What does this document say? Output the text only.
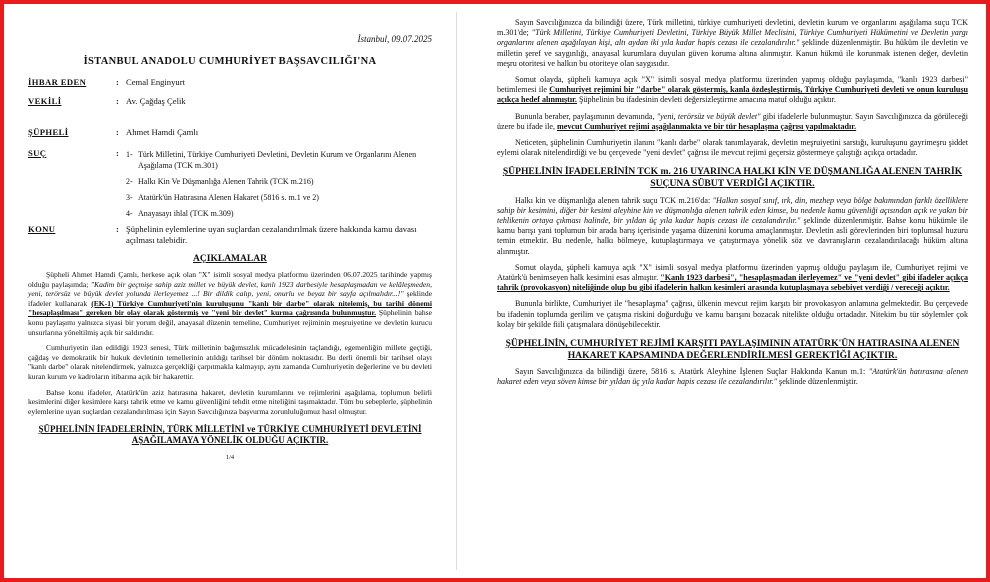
İstanbul, 09.07.2025
İSTANBUL ANADOLU CUMHURİYET BAŞSAVCILIĞI'NA
İHBAR EDEN	: Cemal Enginyurt
VEKİLİ	: Av. Çağdaş Çelik
ŞÜPHELİ	: Ahmet Hamdi Çamlı
SUÇ	: 1- Türk Milletini, Türkiye Cumhuriyeti Devletini, Devletin Kurum ve Organlarını Alenen Aşağılama (TCK m.301)
2- Halkı Kin Ve Düşmanlığa Alenen Tahrik (TCK m.216)
3- Atatürk'ün Hatırasına Alenen Hakaret (5816 s. m.1 ve 2)
4- Anayasayı ihlal (TCK m.309)
KONU	: Şüphelinin eylemlerine uyan suçlardan cezalandırılmak üzere hakkında kamu davası açılması talebidir.
AÇIKLAMALAR

Şüpheli Ahmet Hamdi Çamlı, herkese açık olan "X" isimli sosyal medya platformu üzerinden 06.07.2025 tarihinde yapmış olduğu paylaşımda; "Kadim bir geçmişe sahip aziz millet ve büyük devlet, kanlı 1923 darbesiyle hesaplaşmadan ve kelâleşmeden, yeni, terörsüz ve büyük devlet yolunda ilerleyemez ...! Bir dildik calıp, yeni, onurlu ve beyaz bir sayfa açılmalıdır...!" şeklinde ifadeler kullanarak (EK-1) Türkiye Cumhuriyeti'nin kuruluşunu "kanlı bir darbe" olarak nitelemiş, bu tarihi dönemi "hesaplaşılması" gereken bir olay olarak göstermiş ve "yeni bir devlet" kurma çağrısında bulunmuştur. Şüphelinin bahse konu paylaşımı yalnızca siyasi bir yorum değil, anayasal düzenin temeline, Cumhuriyet rejiminin meşruiyetine ve devletin kurucu unsurlarına yöneltilmiş açık bir saldırıdır.

Cumhuriyetin ilan edildiği 1923 senesi, Türk milletinin bağımsızlık mücadelesinin taçlandığı, egemenliğin millete geçtiği, çağdaş ve demokratik bir hukuk devletinin temellerinin atıldığı tarihsel bir dönüm noktasıdır. Bu derli önemli bir tarihsel olayı "kanlı darbe" olarak nitelendirmek, yalnızca gerçekliği çarpıtmakla kalmayıp, aynı zamanda Cumhuriyetin değerlerine ve bu devleti kuran kurum ve kadroların itibarına açık bir hakarettir.

Bahse konu ifadeler, Atatürk'ün aziz hatırasına hakaret, devletin kurumlarını ve rejimlerini aşağılama, toplumun belirli kesimlerini diğer kesimlere karşı tahrik etme ve kamu güvenliğini tehdit etme niteliğini taşımaktadır. Tüm bu sebeplerle, şüphelinin eylemlerine uyan suçlardan cezalandırılması için Sayın Savcılığınıza başvurma zorunluluğumuz hasıl olmuştur.

ŞÜPHELİNİN İFADELERİNİN, TÜRK MİLLETİNİ ve TÜRKİYE CUMHURİYETİ DEVLETİNİ AŞAĞILAMAYA YÖNELİK OLDUĞU AÇIKTIR.
1/4

Sayın Savcılığınızca da bilindiği üzere, Türk milletini, türkiye cumhuriyeti devletini, devletin kurum ve organlarını aşağılama suçu TCK m.301'de; "Türk Milletini, Türkiye Cumhuriyeti Devletini, Türkiye Büyük Millet Meclisini, Türkiye Cumhuriyeti Hükümetini ve Devletin yargı organlarını alenen aşağılayan kişi, altı aydan iki yıla kadar hapis cezası ile cezalandırılır." şeklinde düzenlenmiştir. Bu hüküm ile devletin ve milletin şeref ve saygınlığı, anayasal kurumlara duyulan güven koruma altına alınmıştır. Kanun hükmü ile korunmak istenen değer, devletin meşru otoritesi ve halkın bu otoriteye olan saygısıdır.

Somut olayda, şüpheli kamuya açık "X" isimli sosyal medya platformu üzerinden yapmış olduğu paylaşımda, "kanlı 1923 darbesi" betimlemesi ile Cumhuriyet rejimini bir "darbe" olarak göstermiş, kanla özdeşleştirmiş, Türkiye Cumhuriyeti devleti ve onun kuruluşu açıkça hedef alınmıştır. Şüphelinin bu ifadesinin devleti değersizleştirme amacına matuf olduğu açıktır.

Bununla beraber, paylaşımının devamında, "yeni, terörsüz ve büyük devlet" gibi ifadelerle bulunmuştur. Sayın Savcılığınızca da görüleceği üzere bu ifade ile, mevcut Cumhuriyet rejimi aşağılanmakta ve bir tür hesaplaşma çağrısı yapılmaktadır.

Neticeten, şüphelinin Cumhuriyetin ilanını "kanlı darbe" olarak tanımlayarak, devletin meşruiyetini sarstığı, kuruluşunu gayrimeşru şiddet eylemi olarak nitelendirdiği ve bu çerçevede "yeni devlet" çağrısı ile mevcut rejimi geçersiz göstermeye çalıştığı açıkça ortadadır.

ŞÜPHELİNİN İFADELERİNİN TCK m. 216 UYARINCA HALKI KİN VE DÜŞMANLIĞA ALENEN TAHRİK SUÇUNA SÜBUT VERDİĞİ AÇIKTIR.

Halkı kin ve düşmanlığa alenen tahrik suçu TCK m.216'da: "Halkın sosyal sınıf, ırk, din, mezhep veya bölge bakımından farklı özelliklere sahip bir kesimini, diğer bir kesimi aleyhine kin ve düşmanlığa alenen tahrik eden kimse, bu nedenle kamu güvenliği açısından açık ve yakın bir tehlikenin ortaya çıkması halinde, bir yıldan üç yıla kadar hapis cezası ile cezalandırılır." şeklinde düzenlenmiştir. Bahse konu hükümle ile kamu barışı yani toplumun bir arada barış içerisinde yaşama düzenini koruma amaçlanmıştır. Devletin asli görevlerinden biri toplumsal huzuru temin etmektir. Bu nedenle, halkı bölmeye, kutuplaştırmaya ve çatıştırmaya yönelik söz ve davranışların cezalandırılacağı hüküm altına alınmıştır.

Somut olayda, şüpheli kamuya açık "X" isimli sosyal medya platformu üzerinden yapmış olduğu paylaşım ile, Cumhuriyet rejimi ve Atatürk'ü benimseyen halk kesimini esas almıştır. "Kanlı 1923 darbesi", "hesaplaşmadan ilerleyemez" ve "yeni devlet" gibi ifadeler açıkça tahrik (provokasyon) niteliğinde olup bu gibi ifadelerin halkın kesimleri arasında kutuplaşmaya sebebiyet verdiği / vereceği açıktır.

Bununla birlikte, Cumhuriyet ile "hesaplaşma" çağrısı, ülkenin mevcut rejim karşıtı bir provokasyon anlamına gelmektedir. Bu çerçevede bu ifadenin toplumda gerilim ve çatışma riskini doğurduğu ve kamu barışını bozacak nitelikte olduğu ortadadır. Nitekim bu tür söylemler çok kolay bir şekilde fiili çatışmalara dönüşebilecektir.

ŞÜPHELİNİN, CUMHURİYET REJİMİ KARŞITI PAYLAŞIMININ ATATÜRK'ÜN HATIRASINA ALENEN HAKARET KAPSAMINDA DEĞERLENDİRİLMESİ GEREKTİĞİ AÇIKTIR.

Sayın Savcılığınızca da bilindiği üzere, 5816 s. Atatürk Aleyhine İşlenen Suçlar Hakkında Kanun m.1: "Atatürk'ün hatırasına alenen hakaret eden veya söven kimse bir yıldan üç yıla kadar hapis cezası ile cezalandırılır." şeklinde düzenlenmiştir.
